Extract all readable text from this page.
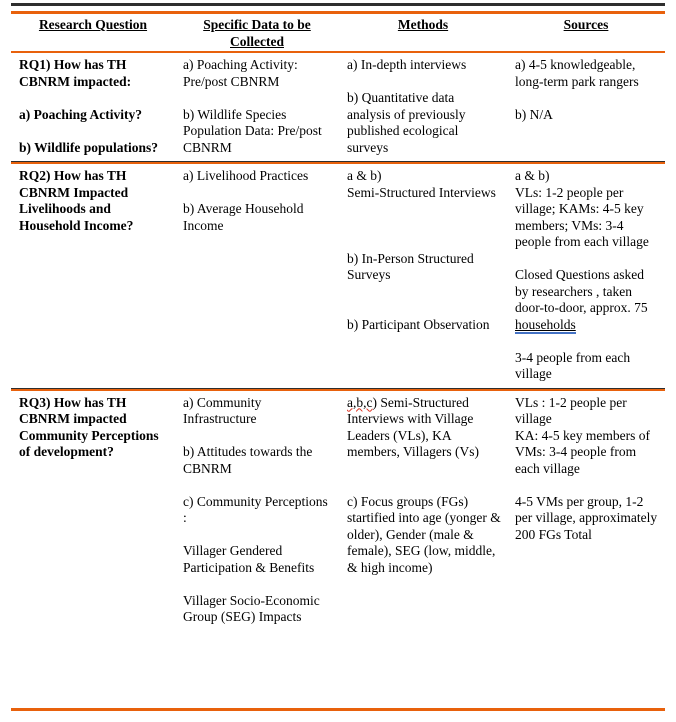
Research Question	Specific Data to be Collected
Methods	Sources

RQ1) How has TH CBNRM impacted:

a) Poaching Activity?

b) Wildlife populations?

a) Poaching Activity: Pre/post CBNRM

b) Wildlife Species Population Data: Pre/post CBNRM

a) In-depth interviews

b) Quantitative data analysis of previously published ecological surveys

a) 4-5 knowledgeable, long-term park rangers

b) N/A

RQ2) How has TH CBNRM Impacted Livelihoods and Household Income?

a) Livelihood Practices

b) Average Household Income

a & b)

Semi-Structured Interviews

b) In-Person Structured Surveys

b) Participant Observation

a & b)

VLs: 1-2 people per village; KAMs: 4-5 key members; VMs: 3-4 people from each village

Closed Questions asked by researchers , taken door-to-door, approx. 75 households

3-4 people from each village

RQ3) How has TH CBNRM impacted Community Perceptions of development?

a) Community Infrastructure

b) Attitudes towards the CBNRM

c) Community Perceptions :

Villager Gendered Participation & Benefits

Villager Socio-Economic Group (SEG) Impacts

a,b,c) Semi-Structured Interviews with Village Leaders (VLs), KA members, Villagers (Vs)

c) Focus groups (FGs) startified into age (yonger & older), Gender (male & female), SEG (low, middle, & high income)

VLs : 1-2 people per village

KA: 4-5 key members of

VMs: 3-4 people from each village

4-5 VMs per group, 1-2 per village, approximately 200 FGs Total
